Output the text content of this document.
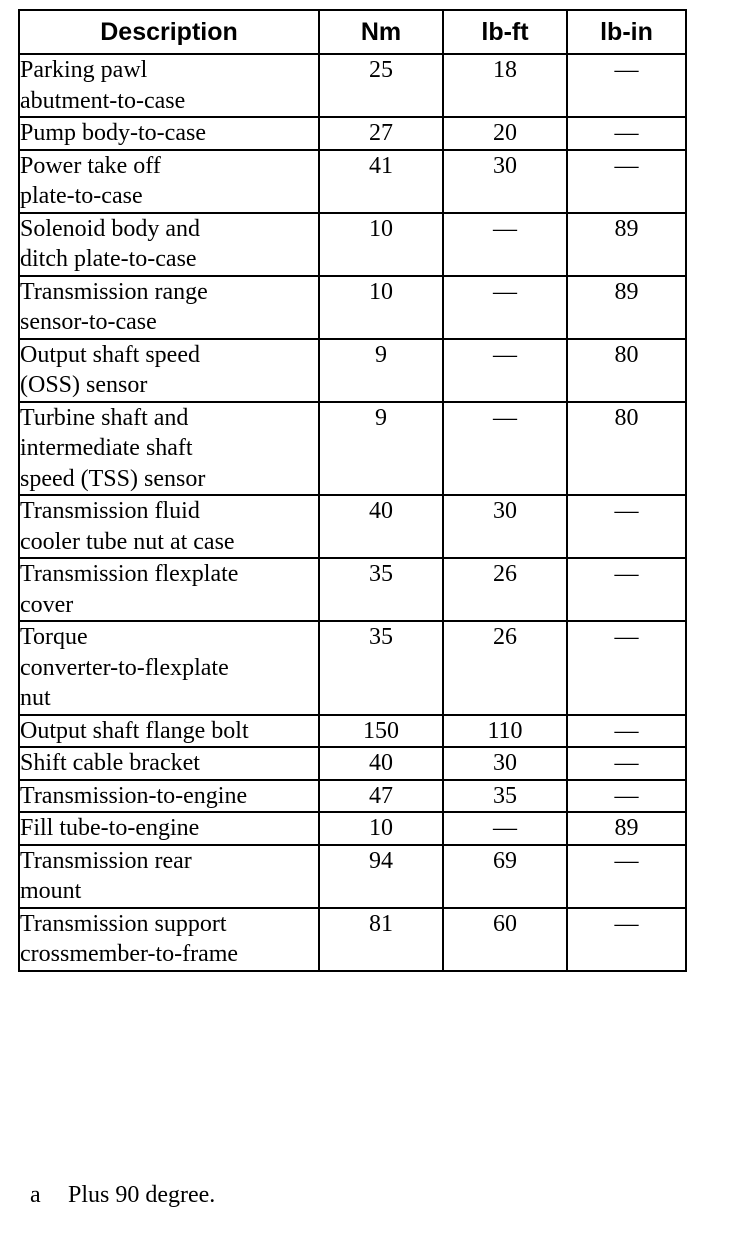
Description	Nm	lb-ft	lb-in
Parking pawl
abutment-to-case	25	18	—
Pump body-to-case	27	20	—
Power take off
plate-to-case	41	30	—
Solenoid body and
ditch plate-to-case	10	—	89
Transmission range
sensor-to-case	10	—	89
Output shaft speed
(OSS) sensor	9	—	80
Turbine shaft and
intermediate shaft
speed (TSS) sensor	9	—	80
Transmission fluid
cooler tube nut at case	40	30	—
Transmission flexplate
cover	35	26	—
Torque
converter-to-flexplate
nut	35	26	—
Output shaft flange bolt	150	110	—
Shift cable bracket	40	30	—
Transmission-to-engine	47	35	—
Fill tube-to-engine	10	—	89
Transmission rear
mount	94	69	—
Transmission support
crossmember-to-frame	81	60	—
a Plus 90 degree.
